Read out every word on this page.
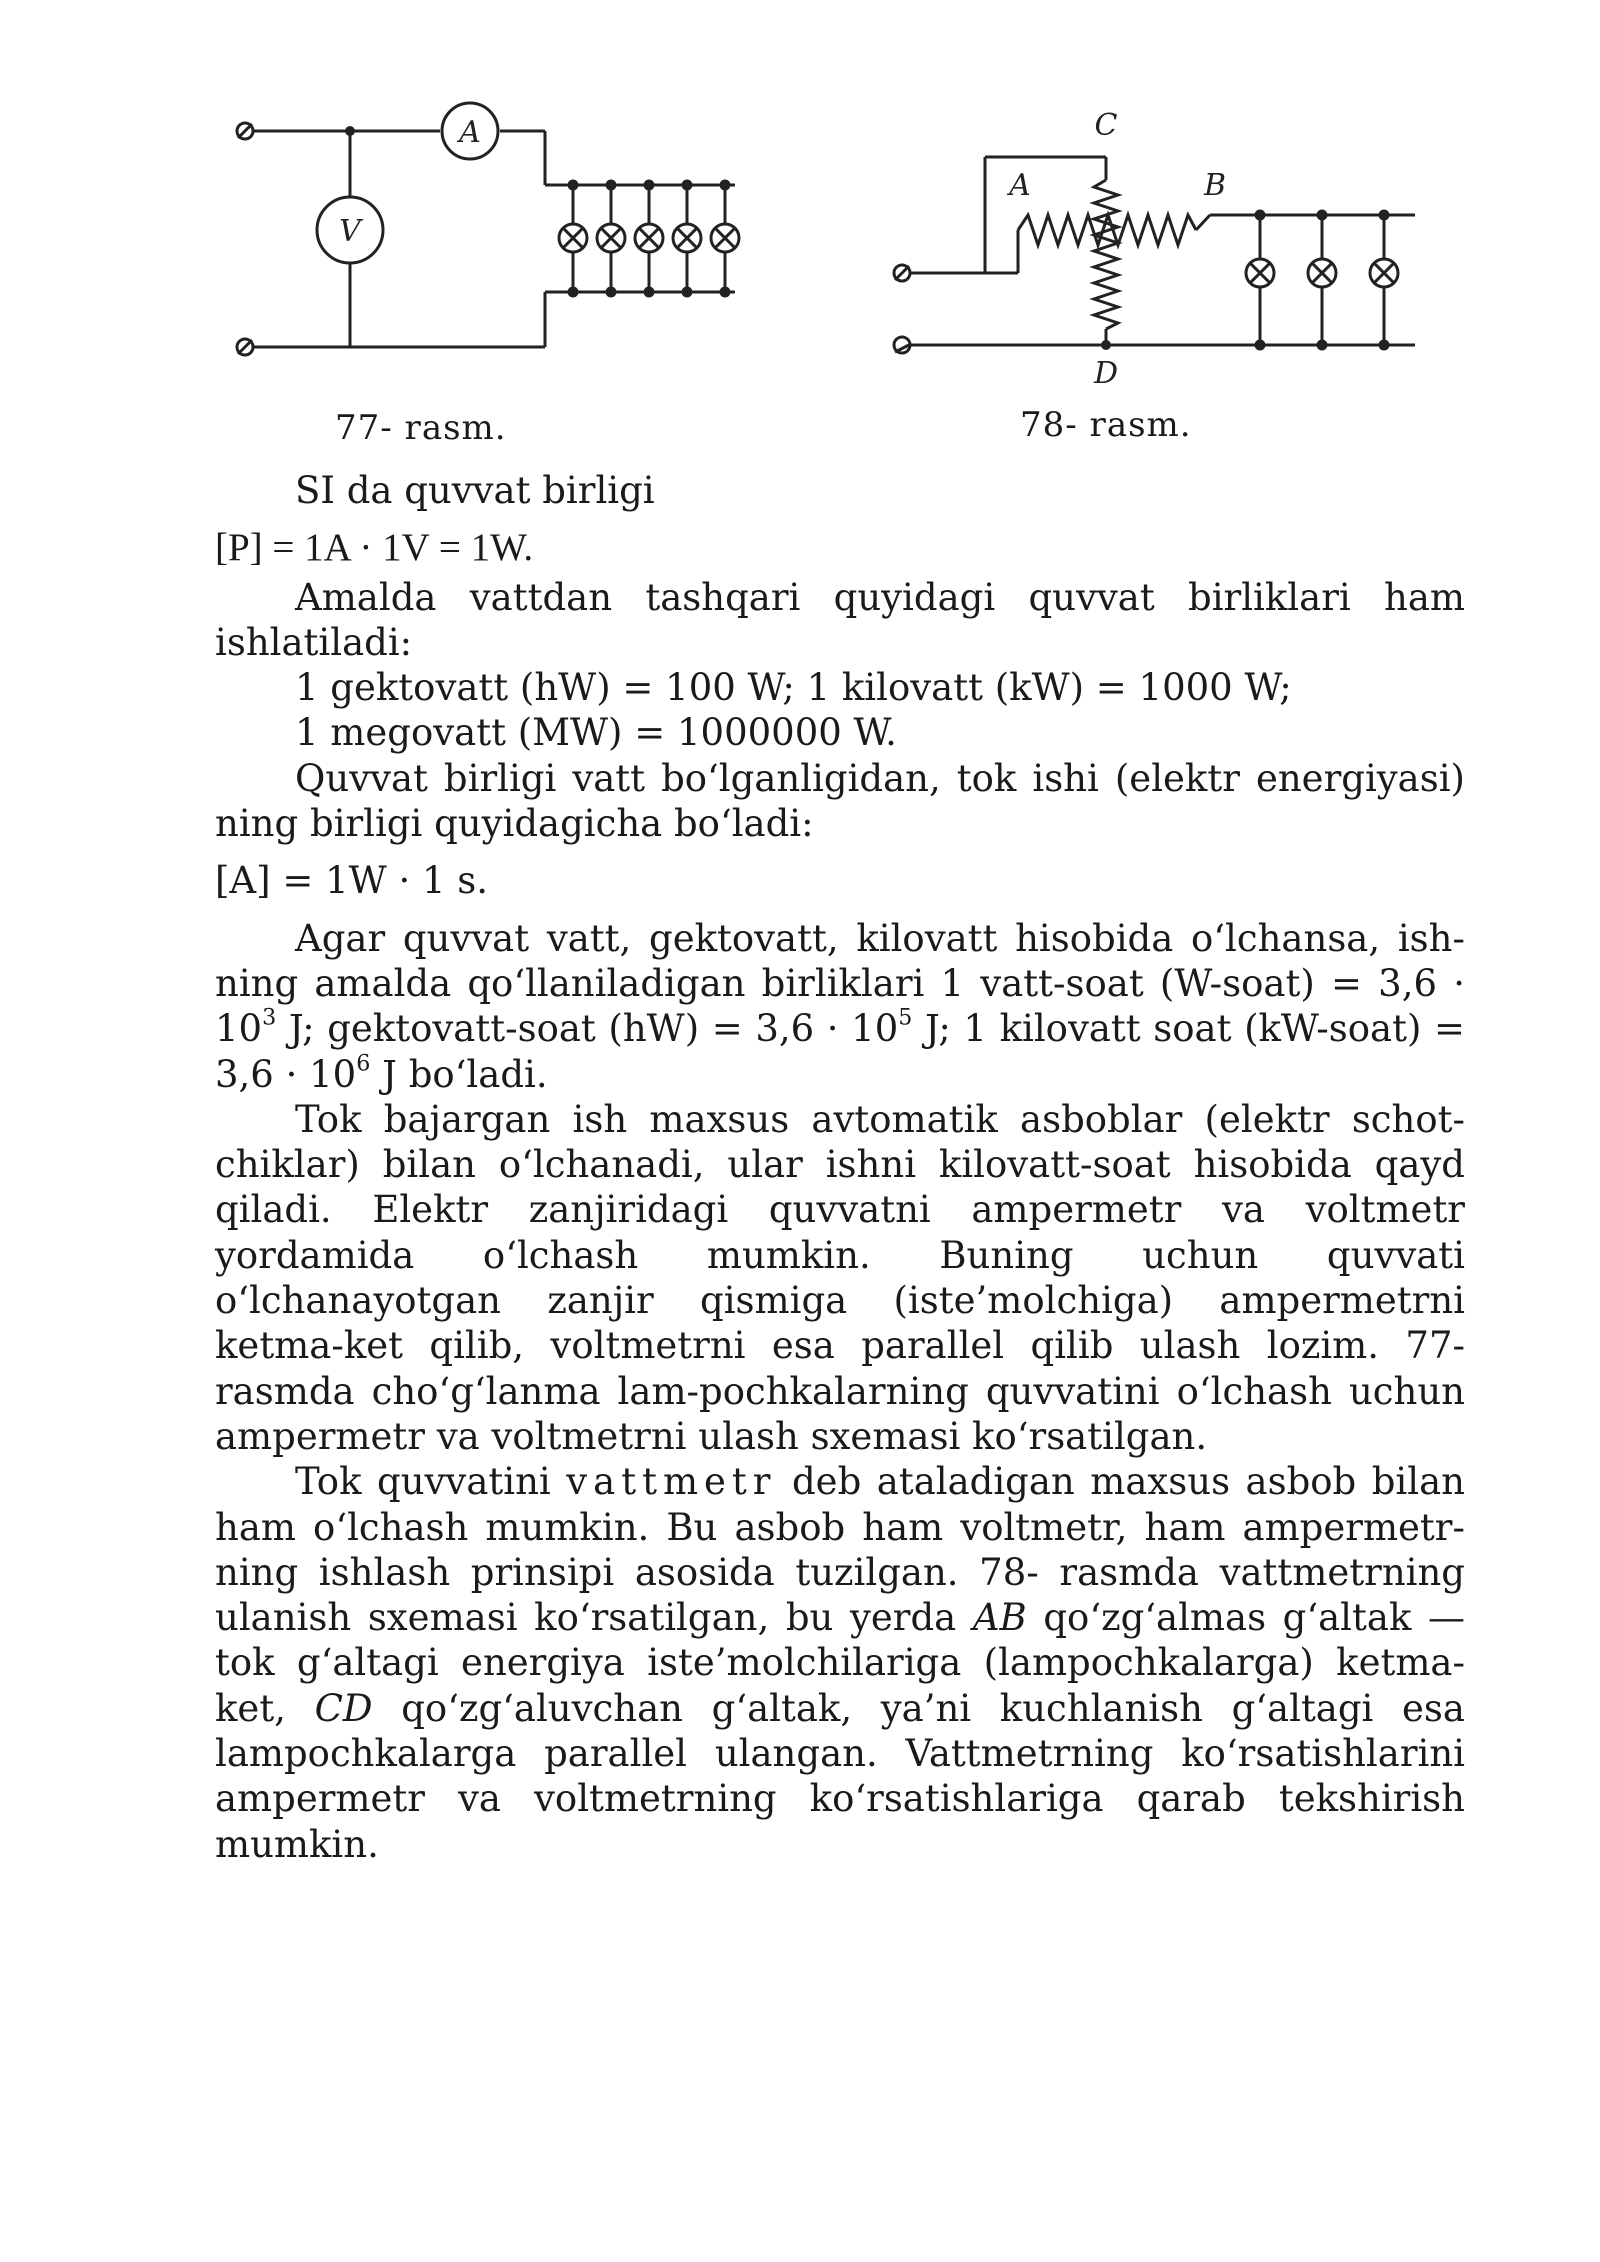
A
V
77- rasm.
C
A	B
D
78- rasm.

SI da quvvat birligi

[P] = 1A · 1V = 1W.

Amalda vattdan tashqari quyidagi quvvat birliklari ham ishlatiladi:

1 gektovatt (hW) = 100 W; 1 kilovatt (kW) = 1000 W;

1 megovatt (MW) = 1000000 W.

Quvvat birligi vatt bo‘lganligidan, tok ishi (elektr energiyasi) ning birligi quyidagicha bo‘ladi:

[A] = 1W · 1 s.

Agar quvvat vatt, gektovatt, kilovatt hisobida o‘lchansa, ish-ning amalda qo‘llaniladigan birliklari 1 vatt-soat (W-soat) = $3,6 \cdot 10^3$ J; gektovatt-soat $(hW) = 3,6 \cdot 10^5$ J; 1 kilovatt soat (kW-soat) = $3,6 \cdot 10^6$ J bo‘ladi.

Tok bajargan ish maxsus avtomatik asboblar (elektr schot-chiklar) bilan o‘lchanadi, ular ishni kilovatt-soat hisobida qayd qiladi. Elektr zanjiridagi quvvatni ampermetr va voltmetr yordamida o‘lchash mumkin. Buning uchun quvvati o‘lchanayotgan zanjir qismiga (iste’molchiga) ampermetrni ketma-ket qilib, voltmetrni esa parallel qilib ulash lozim. 77- rasmda cho‘g‘lanma lam-pochkalarning quvvatini o‘lchash uchun ampermetr va voltmetrni ulash sxemasi ko‘rsatilgan.

Tok quvvatini vattmetr deb ataladigan maxsus asbob bilan ham o‘lchash mumkin. Bu asbob ham voltmetr, ham ampermetr-ning ishlash prinsipi asosida tuzilgan. 78- rasmda vattmetrning ulanish sxemasi ko‘rsatilgan, bu yerda AB qo‘zg‘almas g‘altak — tok g‘altagi energiya iste’molchilariga (lampochkalarga) ketma-ket, CD qo‘zg‘aluvchan g‘altak, ya’ni kuchlanish g‘altagi esa lampochkalarga parallel ulangan. Vattmetrning ko‘rsatishlarini ampermetr va voltmetrning ko‘rsatishlariga qarab tekshirish mumkin.
